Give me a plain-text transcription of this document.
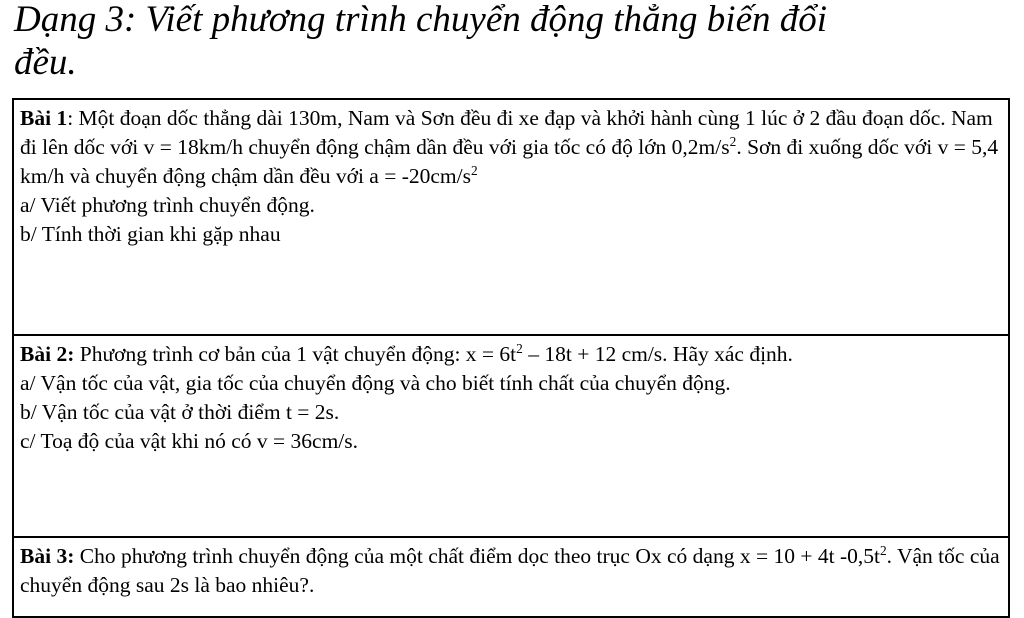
Dạng 3: Viết phương trình chuyển động thẳng biến đổi
đều.
Bài 1: Một đoạn dốc thẳng dài 130m, Nam và Sơn đều đi xe đạp và khởi hành cùng 1 lúc ở 2 đầu đoạn dốc. Nam đi lên dốc với v = 18km/h chuyển động chậm dần đều với gia tốc có độ lớn $0,2m/s^2$. Sơn đi xuống dốc với v = 5,4 km/h và chuyển động chậm dần đều với $a = -20cm/s^2$
a/ Viết phương trình chuyển động.
b/ Tính thời gian khi gặp nhau
Bài 2: Phương trình cơ bản của 1 vật chuyển động: $x = 6t^2 - 18t + 12$ cm/s. Hãy xác định.
a/ Vận tốc của vật, gia tốc của chuyển động và cho biết tính chất của chuyển động.
b/ Vận tốc của vật ở thời điểm t = 2s.
c/ Toạ độ của vật khi nó có v = 36cm/s.
Bài 3: Cho phương trình chuyển động của một chất điểm dọc theo trục Ox có dạng x = 10 + 4t $-0,5t^2$. Vận tốc của chuyển động sau 2s là bao nhiêu?.
